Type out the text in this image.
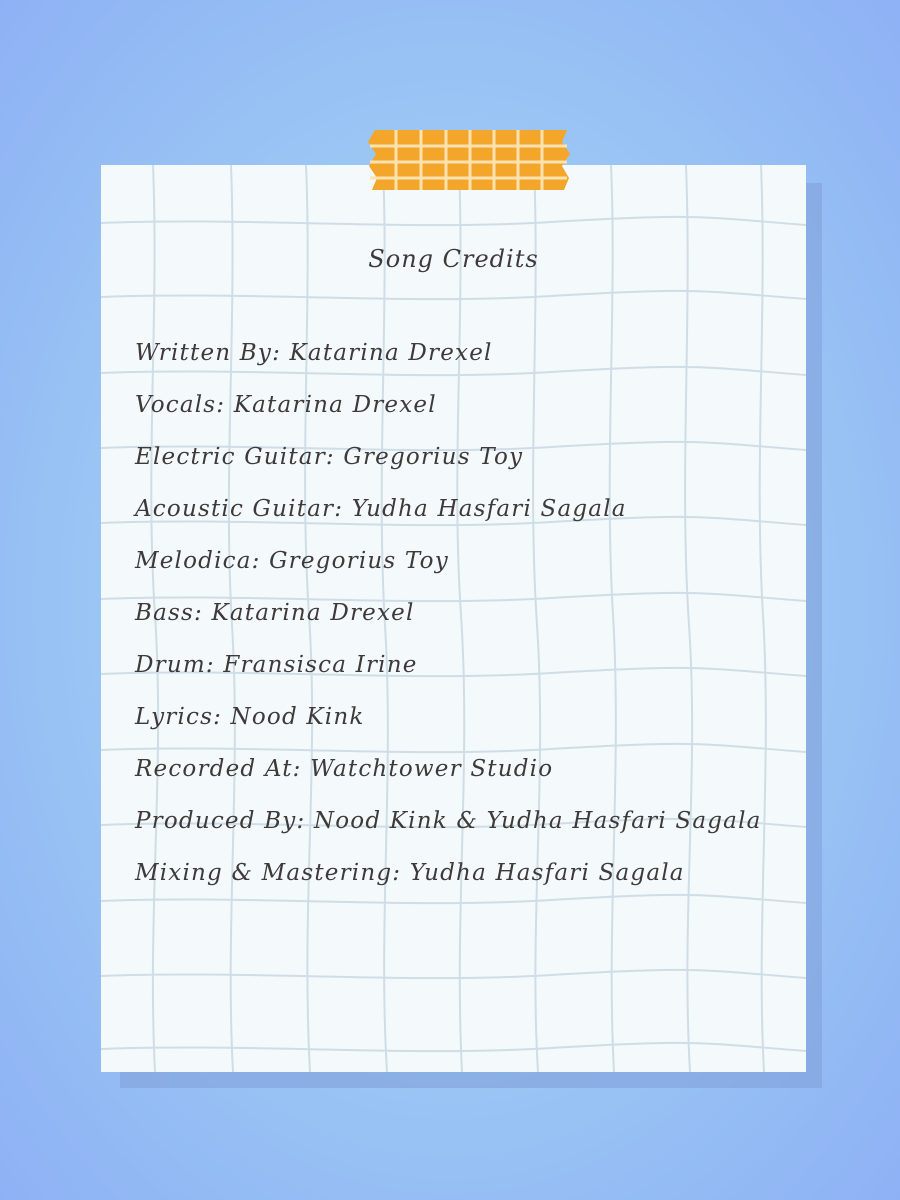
Song Credits
Written By: Katarina Drexel
Vocals: Katarina Drexel
Electric Guitar: Gregorius Toy
Acoustic Guitar: Yudha Hasfari Sagala
Melodica: Gregorius Toy
Bass: Katarina Drexel
Drum: Fransisca Irine
Lyrics: Nood Kink
Recorded At: Watchtower Studio
Produced By: Nood Kink & Yudha Hasfari Sagala
Mixing & Mastering: Yudha Hasfari Sagala
